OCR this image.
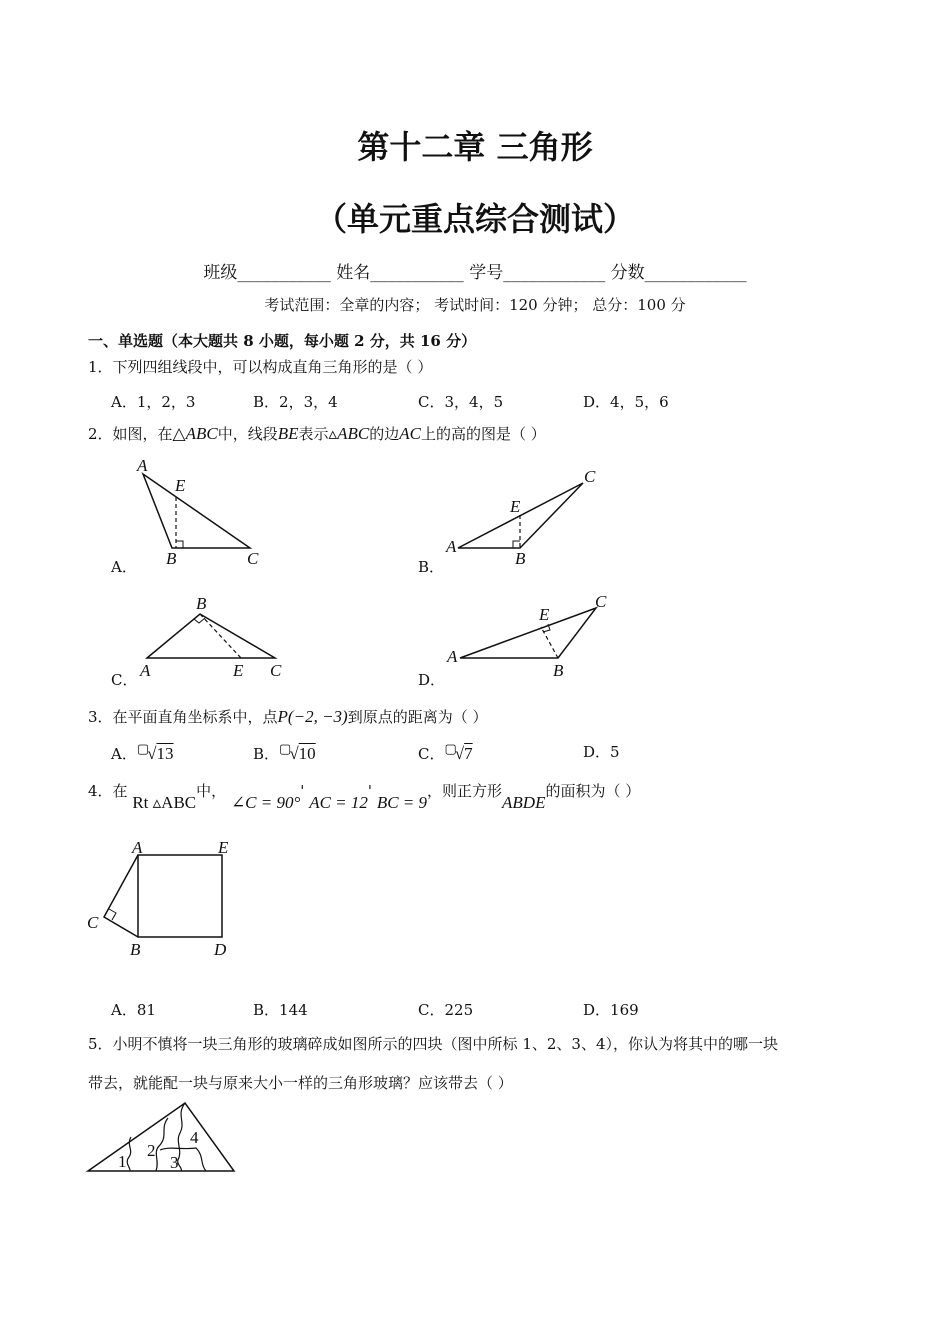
第十二章 三角形
（单元重点综合测试）
班级___________ 姓名___________ 学号____________ 分数____________
考试范围：全章的内容； 考试时间：120 分钟； 总分：100 分
一、单选题（本大题共 8 小题，每小题 2 分，共 16 分）
1．下列四组线段中，可以构成直角三角形的是（ ）
A．1，2，3	B．2，3，4	C．3，4，5	D．4，5，6
2．如图，在△ABC中，线段BE表示▵ABC的边AC上的高的图是（ ）
A
E
B	C
A
E
B
C
B
A	E C
A
E
B
C
A	E
C
B	D
1
2
3
4
A．	B．
C．	D．
3．在平面直角坐标系中，点P(−2, −3)到原点的距离为（ ）
A．▢√13	B．▢√10	C．▢√7	D．5
4．在 Rt ▵ABC中， ∠C = 90°' AC = 12' BC = 9，则正方形ABDE的面积为（ ）
A．81	B．144	C．225	D．169
5．小明不慎将一块三角形的玻璃碎成如图所示的四块（图中所标 1、2、3、4），你认为将其中的哪一块
带去，就能配一块与原来大小一样的三角形玻璃？应该带去（ ）
